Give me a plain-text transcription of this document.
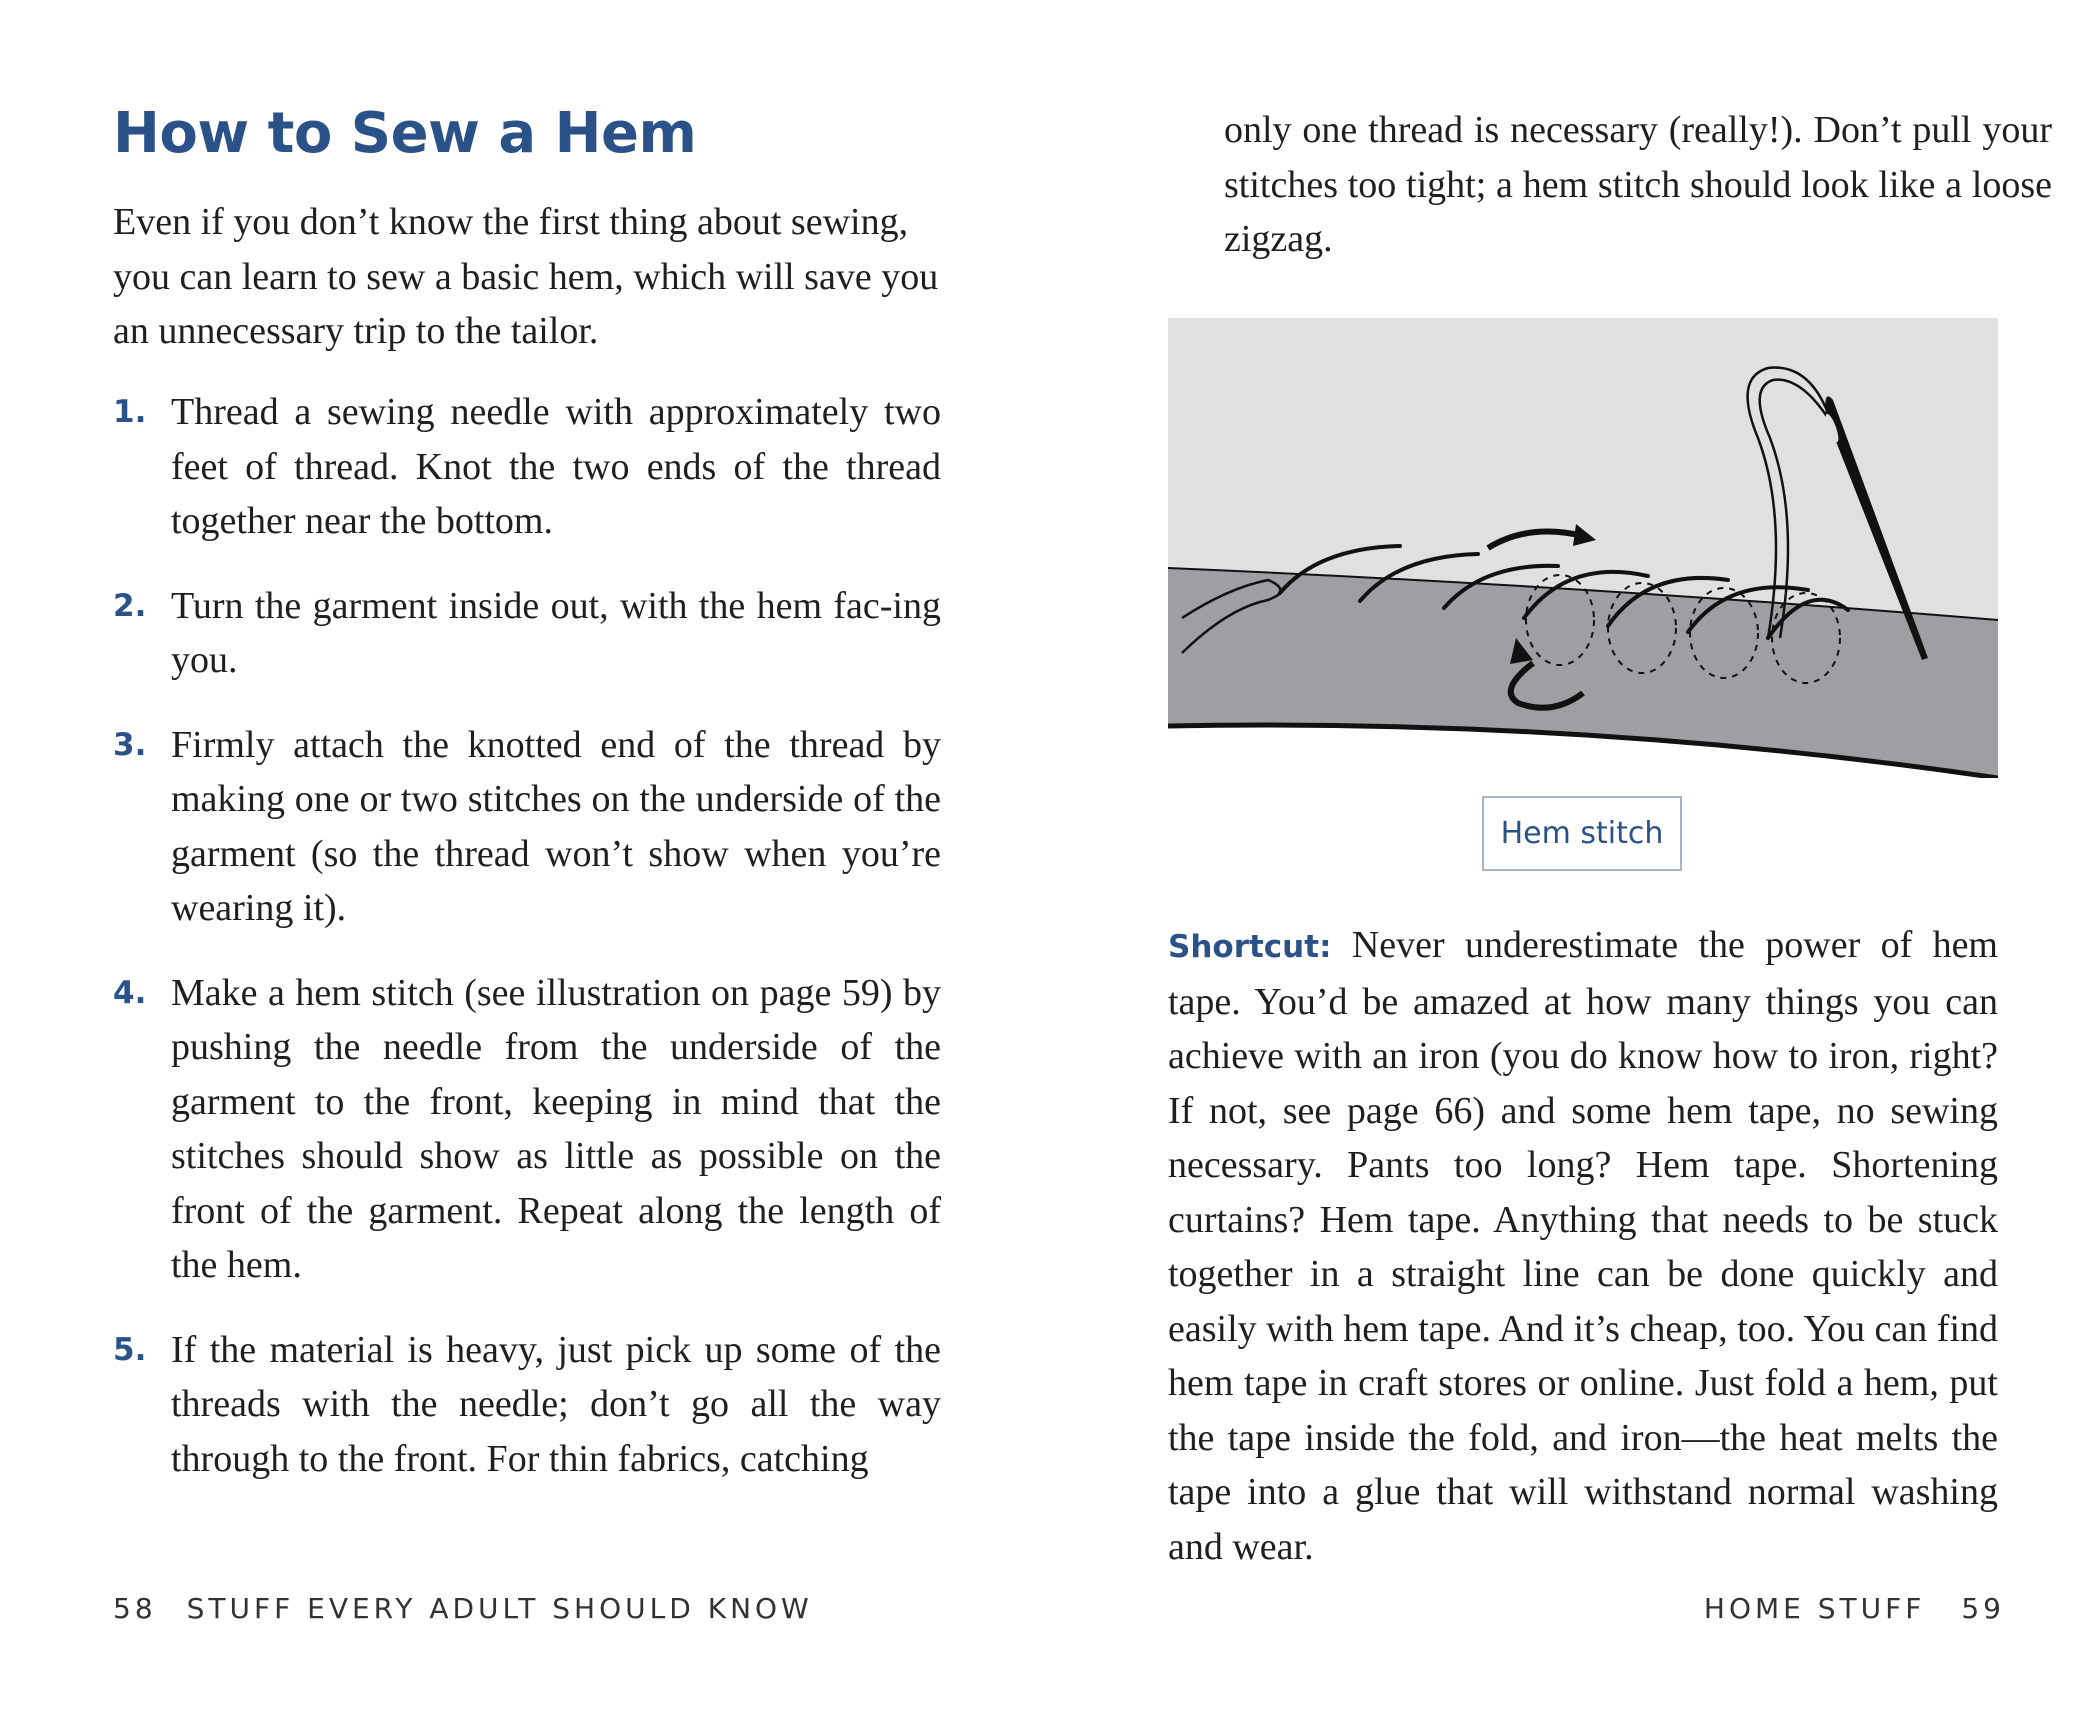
How to Sew a Hem

Even if you don’t know the first thing about sewing, you can learn to sew a basic hem, which will save you an unnecessary trip to the tailor.

1. Thread a sewing needle with approximately two feet of thread. Knot the two ends of the thread together near the bottom.
2. Turn the garment inside out, with the hem fac-ing you.
3. Firmly attach the knotted end of the thread by making one or two stitches on the underside of the garment (so the thread won’t show when you’re wearing it).
4. Make a hem stitch (see illustration on page 59) by pushing the needle from the underside of the garment to the front, keeping in mind that the stitches should show as little as possible on the front of the garment. Repeat along the length of the hem.
5. If the material is heavy, just pick up some of the threads with the needle; don’t go all the way through to the front. For thin fabrics, catching
58 STUFF EVERY ADULT SHOULD KNOW

only one thread is necessary (really!). Don’t pull your stitches too tight; a hem stitch should look like a loose zigzag.

Hem stitch

Shortcut: Never underestimate the power of hem tape. You’d be amazed at how many things you can achieve with an iron (you do know how to iron, right? If not, see page 66) and some hem tape, no sewing necessary. Pants too long? Hem tape. Shortening curtains? Hem tape. Anything that needs to be stuck together in a straight line can be done quickly and easily with hem tape. And it’s cheap, too. You can find hem tape in craft stores or online. Just fold a hem, put the tape inside the fold, and iron—the heat melts the tape into a glue that will withstand normal washing and wear.

HOME STUFF 59
